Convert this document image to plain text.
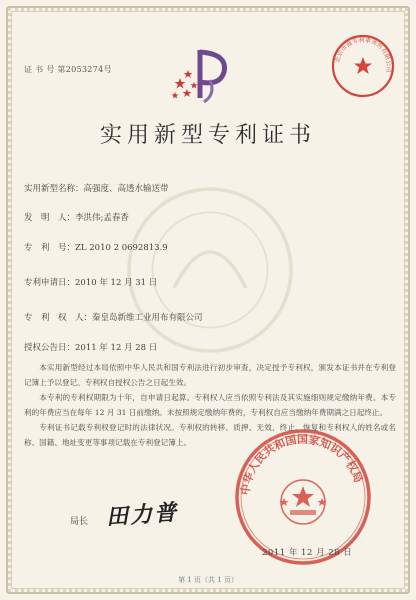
证 书 号 第2053274号
北京市商专利事务所有限公司
实用新型专利证书
实用新型名称：高强度、高透水输送带
发　明　人：李洪伟;孟春香
专　利　号：ZL 2010 2 0692813.9
专利申请日：2010 年 12 月 31 日
专　利　权　人：秦皇岛新维工业用布有限公司
授权公告日：2011 年 12 月 28 日

本实用新型经过本局依照中华人民共和国专利法进行初步审查，决定授予专利权，颁发本证书并在专利登记簿上予以登记。专利权自授权公告之日起生效。

本专利的专利权期限为十年，自申请日起算。专利权人应当依照专利法及其实施细则规定缴纳年费。本专利的年费应当在每年 12 月 31 日前缴纳。未按照规定缴纳年费的，专利权自应当缴纳年费期满之日起终止。

专利证书记载专利权登记时的法律状况。专利权的转移、质押、无效、终止、恢复和专利权人的姓名或名称、国籍、地址变更等事项记载在专利登记簿上。

局长 田力普
中华人民共和国国家知识产权局
2011 年 12 月 28 日
第 1 页（共 1 页）
